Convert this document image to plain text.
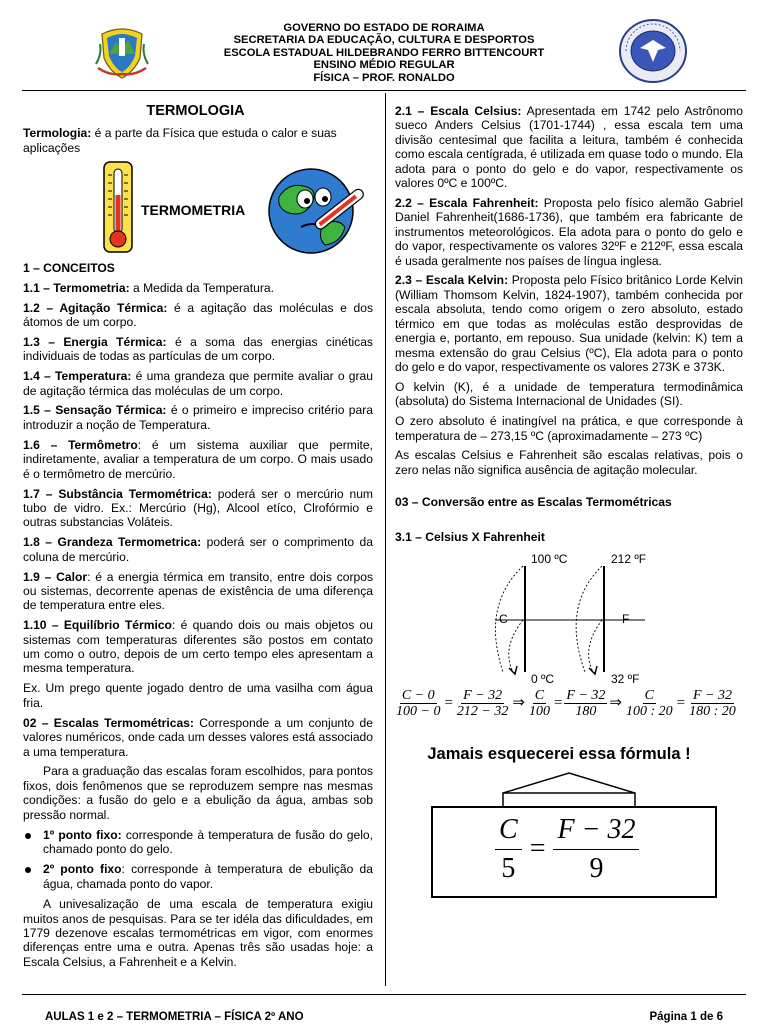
GOVERNO DO ESTADO DE RORAIMA
SECRETARIA DA EDUCAÇÃO, CULTURA E DESPORTOS
ESCOLA ESTADUAL HILDEBRANDO FERRO BITTENCOURT
ENSINO MÉDIO REGULAR
FÍSICA – PROF. RONALDO

TERMOLOGIA

Termologia: é a parte da Física que estuda o calor e suas aplicações

TERMOMETRIA

1 – CONCEITOS

1.1 – Termometria: a Medida da Temperatura.

1.2 – Agitação Térmica: é a agitação das moléculas e dos átomos de um corpo.

1.3 – Energia Térmica: é a soma das energias cinéticas individuais de todas as partículas de um corpo.

1.4 – Temperatura: é uma grandeza que permite avaliar o grau de agitação térmica das moléculas de um corpo.

1.5 – Sensação Térmica: é o primeiro e impreciso critério para introduzir a noção de Temperatura.

1.6 – Termômetro: é um sistema auxiliar que permite, indiretamente, avaliar a temperatura de um corpo. O mais usado é o termômetro de mercúrio.

1.7 – Substância Termométrica: poderá ser o mercúrio num tubo de vidro. Ex.: Mercúrio (Hg), Alcool etíco, Clrofórmio e outras substancias Voláteis.

1.8 – Grandeza Termometrica: poderá ser o comprimento da coluna de mercúrio.

1.9 – Calor: é a energia térmica em transito, entre dois corpos ou sistemas, decorrente apenas de existência de uma diferença de temperatura entre eles.

1.10 – Equilíbrio Térmico: é quando dois ou mais objetos ou sistemas com temperaturas diferentes são postos em contato um como o outro, depois de um certo tempo eles apresentam a mesma temperatura.

Ex. Um prego quente jogado dentro de uma vasilha com água fria.

02 – Escalas Termométricas: Corresponde a um conjunto de valores numéricos, onde cada um desses valores está associado a uma temperatura.

Para a graduação das escalas foram escolhidos, para pontos fixos, dois fenômenos que se reproduzem sempre nas mesmas condições: a fusão do gelo e a ebulição da água, ambas sob pressão normal.

1º ponto fixo: corresponde à temperatura de fusão do gelo, chamado ponto do gelo.
2º ponto fixo: corresponde à temperatura de ebulição da água, chamada ponto do vapor.

A univesalização de uma escala de temperatura exigiu muitos anos de pesquisas. Para se ter idéla das dificuldades, em 1779 dezenove escalas termométricas em vigor, com enormes diferenças entre uma e outra. Apenas três são usadas hoje: a Escala Celsius, a Fahrenheit e a Kelvin.

2.1 – Escala Celsius: Apresentada em 1742 pelo Astrônomo sueco Anders Celsius (1701-1744) , essa escala tem uma divisão centesimal que facilita a leitura, também é conhecida como escala centígrada, é utilizada em quase todo o mundo. Ela adota para o ponto do gelo e do vapor, respectivamente os valores 0ºC e 100ºC.

2.2 – Escala Fahrenheit: Proposta pelo físico alemão Gabriel Daniel Fahrenheit(1686-1736), que também era fabricante de instrumentos meteorológicos. Ela adota para o ponto do gelo e do vapor, respectivamente os valores 32ºF e 212ºF, essa escala é usada geralmente nos países de língua inglesa.

2.3 – Escala Kelvin: Proposta pelo Físico britânico Lorde Kelvin (William Thomsom Kelvin, 1824-1907), também conhecida por escala absoluta, tendo como origem o zero absoluto, estado térmico em que todas as moléculas estão desprovidas de energia e, portanto, em repouso. Sua unidade (kelvin: K) tem a mesma extensão do grau Celsius (ºC), Ela adota para o ponto do gelo e do vapor, respectivamente os valores 273K e 373K.

O kelvin (K), é a unidade de temperatura termodinâmica (absoluta) do Sistema Internacional de Unidades (SI).

O zero absoluto é inatingível na prática, e que corresponde à temperatura de – 273,15 ºC (aproximadamente – 273 ºC)

As escalas Celsius e Fahrenheit são escalas relativas, pois o zero nelas não significa ausência de agitação molecular.

03 – Conversão entre as Escalas Termométricas

3.1 – Celsius X Fahrenheit

100 ºC	212 ºF
C	F
0 ºC	32 ºF
$\frac{C - 0}{100 - 0} = \frac{F - 32}{212 - 32}$ ⇒ $\frac{C}{100} = \frac{F - 32}{180}$ ⇒ $\frac{C}{100 : 20} = \frac{F - 32}{180 : 20}$
Jamais esquecerei essa fórmula !
$\frac{C}{5} = \frac{F - 32}{9}$
AULAS 1 e 2 – TERMOMETRIA – FÍSICA 2º ANO	Página 1 de 6
